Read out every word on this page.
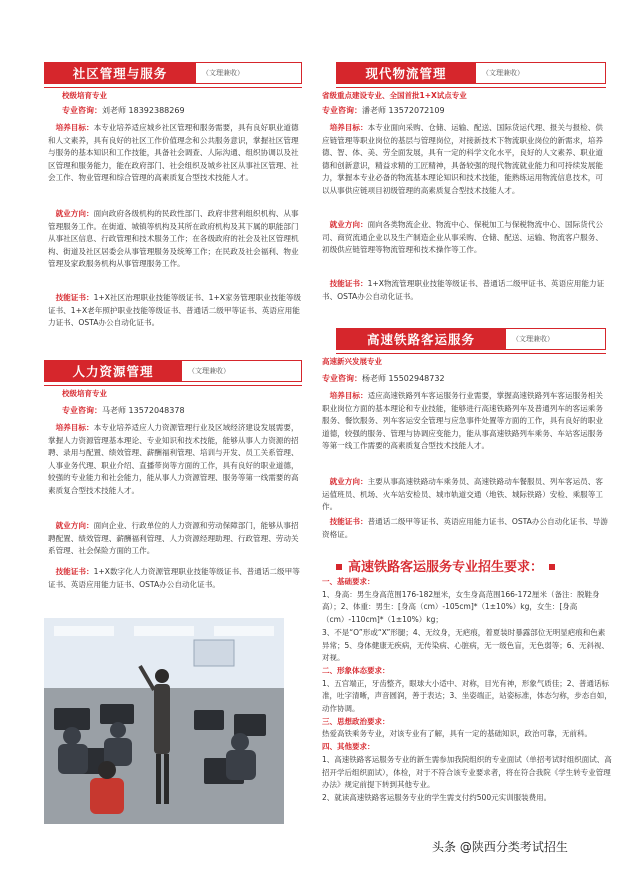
社区管理与服务	（文理兼收）
校级培育专业
专业咨询：刘老师 18392388269
 培养目标：本专业培养适应城乡社区管理和服务需要，具有良好职业道德和人文素养，具有良好的社区工作价值理念和公共服务意识，掌握社区管理与服务的基本知识和工作技能，具备社会调查、人际沟通、组织协调以及社区管理和服务能力，能在政府部门、社会组织及城乡社区从事社区管理、社会工作、物业管理和综合管理的高素质复合型技术技能人才。
 就业方向：面向政府各级机构的民政性部门、政府非营利组织机构、从事管理服务工作。在街道、城镇等机构及其所在政府机构及其下属的职能部门从事社区信息、行政管理和技术服务工作；在各级政府的社会及社区管理机构、街道及社区居委会从事管理服务及统筹工作；在民政及社会福利、物业管理及家政服务机构从事管理服务工作。
 技能证书：1+X社区治理职业技能等级证书、1+X家务管理职业技能等级证书、1+X老年照护职业技能等级证书、普通话二级甲等证书、英语应用能力证书、OSTA办公自动化证书。
人力资源管理	（文理兼收）
校级培育专业
专业咨询：马老师 13572048378
 培养目标：本专业培养适应人力资源管理行业及区域经济建设发展需要，掌握人力资源管理基本理论、专业知识和技术技能，能够从事人力资源的招聘、录用与配置、绩效管理、薪酬福利管理、培训与开发、员工关系管理、人事业务代理、职业介绍、直播带岗等方面的工作，具有良好的职业道德，较强的专业能力和社会能力，能从事人力资源管理、服务等第一线需要的高素质复合型技术技能人才。
 就业方向：面向企业、行政单位的人力资源和劳动保障部门，能够从事招聘配置、绩效管理、薪酬福利管理、人力资源经理助理、行政管理、劳动关系管理、社会保险方面的工作。
 技能证书：1+X数字化人力资源管理职业技能等级证书、普通话二级甲等证书、英语应用能力证书、OSTA办公自动化证书。
现代物流管理	（文理兼收）
省级重点建设专业、全国首批1+X试点专业
专业咨询：潘老师 13572072109
 培养目标：本专业面向采购、仓储、运输、配送、国际货运代理、报关与报检、供应链管理等职业岗位的基层与管理岗位，对接新技术下物流职业岗位的新需求，培养德、智、体、美、劳全面发展，具有一定的科学文化水平，良好的人文素养、职业道德和创新意识，精益求精的工匠精神，具备较强的现代物流就业能力和可持续发展能力，掌握本专业必备的物流基本理论知识和技术技能，能熟练运用物流信息技术，可以从事供应链项目初级管理的高素质复合型技术技能人才。
 就业方向：面向各类物流企业、物流中心、保税加工与保税物流中心、国际货代公司、商贸流通企业以及生产制造企业从事采购、仓储、配送、运输、物流客户服务、初级供应链管理等物流管理和技术操作等工作。
 技能证书：1+X物流管理职业技能等级证书、普通话二级甲证书、英语应用能力证书、OSTA办公自动化证书。
高速铁路客运服务	（文理兼收）
高速新兴发展专业
专业咨询：杨老师 15502948732
 培养目标：适应高速铁路列车客运服务行业需要，掌握高速铁路列车客运服务相关职业岗位方面的基本理论和专业技能，能够进行高速铁路列车及普通列车的客运乘务服务、餐饮服务、列车客运安全管理与应急事件处置等方面的工作，具有良好的职业道德，较强的服务、管理与协调应变能力，能从事高速铁路列车乘务、车站客运服务等第一线工作需要的高素质复合型技术技能人才。
 就业方向：主要从事高速铁路动车乘务员、高速铁路动车餐服员、列车客运员、客运值班员、机场、火车站安检员、城市轨道交通（地铁、城际铁路）安检、乘服等工作。
 技能证书：普通话二级甲等证书、英语应用能力证书、OSTA办公自动化证书、导游资格证。
高速铁路客运服务专业招生要求：
一、基础要求：
1、身高：男生身高范围176-182厘米，女生身高范围166-172厘米（备注：脱鞋身高）；2、体重：男生：[身高（cm）-105cm]*（1±10%）kg，女生：[身高（cm）-110cm]*（1±10%）kg；
3、不是“O”形或“X”形腿；4、无纹身，无疤痕，着夏装时暴露部位无明显疤痕和色素异常；5、身体健康无疾病，无传染病、心脏病，无一级色盲，无色弱等；6、无斜视、对视。
二、形象体态要求：
1、五官端正，牙齿整齐，眼球大小适中、对称，目光有神，形象气质佳；2、普通话标准，吐字清晰，声音圆润，善于表达；3、坐姿端正，站姿标准，体态匀称，步态自如，动作协调。
三、思想政治要求：
热爱高铁乘务专业，对该专业有了解，具有一定的基础知识，政治可靠，无前科。
四、其他要求：
1、高速铁路客运服务专业的新生需参加我院组织的专业面试（单招考试时组织面试、高招开学后组织面试），体检，对于不符合该专业要求者，将在符合我院《学生转专业管理办法》规定前提下转到其他专业。
2、就读高速铁路客运服务专业的学生需支付约500元实训服装费用。
头条 @陕西分类考试招生
